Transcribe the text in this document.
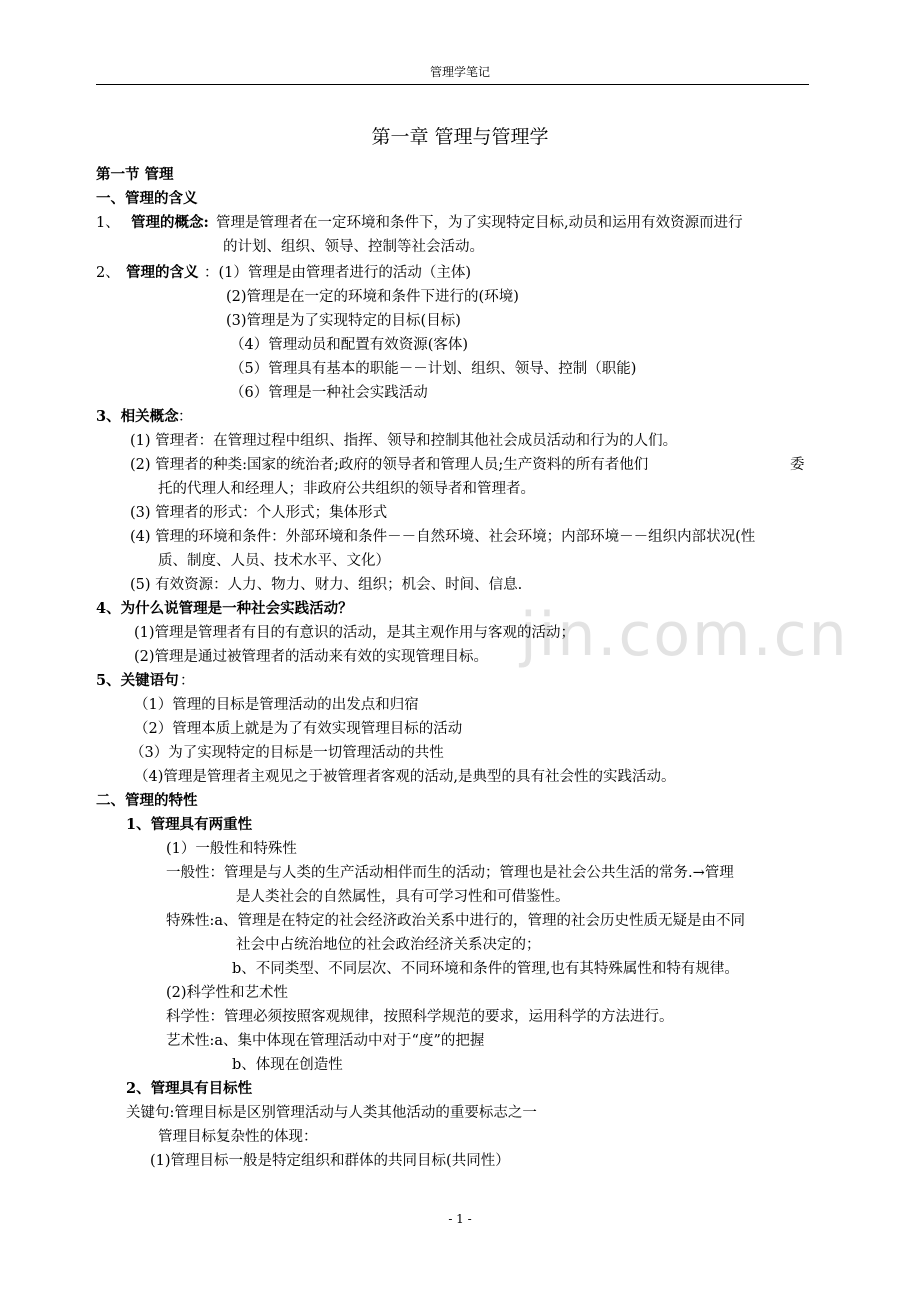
管理学笔记
jin.com.cn
第一章 管理与管理学
第一节 管理
一、管理的含义
1、 管理的概念: 管理是管理者在一定环境和条件下，为了实现特定目标,动员和运用有效资源而进行
的计划、组织、领导、控制等社会活动。
2、 管理的含义 ：(1）管理是由管理者进行的活动（主体)
(2)管理是在一定的环境和条件下进行的(环境)
(3)管理是为了实现特定的目标(目标)
（4）管理动员和配置有效资源(客体)
（5）管理具有基本的职能－－计划、组织、领导、控制（职能)
（6）管理是一种社会实践活动
3、相关概念 ：
(1) 管理者：在管理过程中组织、指挥、领导和控制其他社会成员活动和行为的人们。
(2) 管理者的种类:国家的统治者;政府的领导者和管理人员;生产资料的所有者他们	委
托的代理人和经理人；非政府公共组织的领导者和管理者。
(3) 管理者的形式：个人形式；集体形式
(4) 管理的环境和条件：外部环境和条件－－自然环境、社会环境；内部环境－－组织内部状况(性
质、制度、人员、技术水平、文化）
(5) 有效资源：人力、物力、财力、组织；机会、时间、信息.
4、为什么说管理是一种社会实践活动？
(1)管理是管理者有目的有意识的活动，是其主观作用与客观的活动；
(2)管理是通过被管理者的活动来有效的实现管理目标。
5、关键语句 ：
（1）管理的目标是管理活动的出发点和归宿
（2）管理本质上就是为了有效实现管理目标的活动
（3）为了实现特定的目标是一切管理活动的共性
（4)管理是管理者主观见之于被管理者客观的活动,是典型的具有社会性的实践活动。
二、管理的特性
1、管理具有两重性
(1）一般性和特殊性
一般性：管理是与人类的生产活动相伴而生的活动；管理也是社会公共生活的常务.→管理
是人类社会的自然属性，具有可学习性和可借鉴性。
特殊性:a、管理是在特定的社会经济政治关系中进行的，管理的社会历史性质无疑是由不同
社会中占统治地位的社会政治经济关系决定的；
b、不同类型、不同层次、不同环境和条件的管理,也有其特殊属性和特有规律。
(2)科学性和艺术性
科学性：管理必须按照客观规律，按照科学规范的要求，运用科学的方法进行。
艺术性:a、集中体现在管理活动中对于“度”的把握
b、体现在创造性
2、管理具有目标性
关键句:管理目标是区别管理活动与人类其他活动的重要标志之一
管理目标复杂性的体现：
(1)管理目标一般是特定组织和群体的共同目标(共同性）
- 1 -
